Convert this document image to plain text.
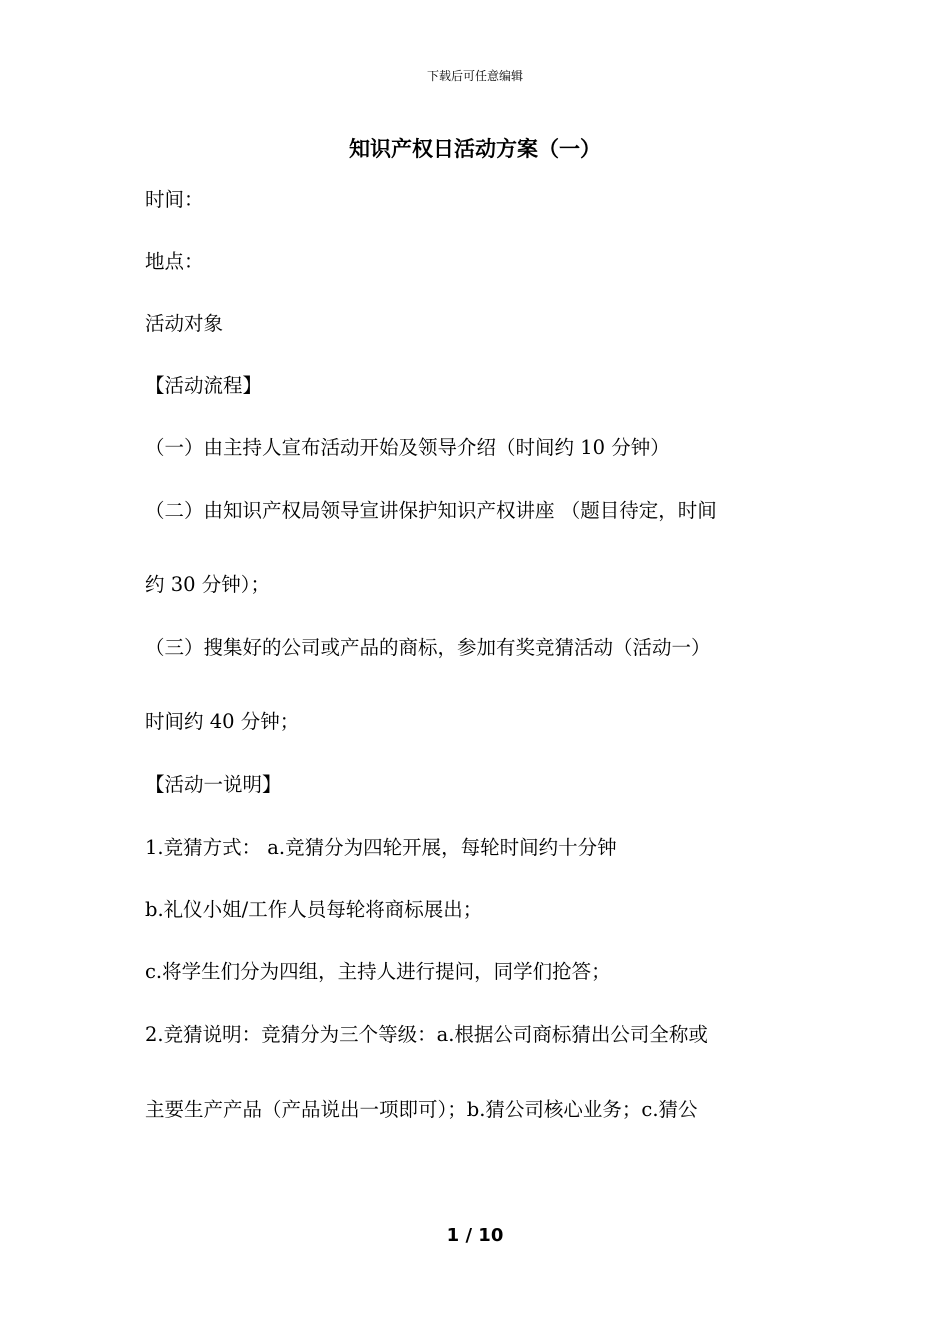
下载后可任意编辑
知识产权日活动方案（一）
时间：
地点：
活动对象
【活动流程】
（一）由主持人宣布活动开始及领导介绍（时间约 10 分钟）
（二）由知识产权局领导宣讲保护知识产权讲座 （题目待定，时间
约 30 分钟）；
（三）搜集好的公司或产品的商标，参加有奖竞猜活动（活动一）
时间约 40 分钟；
【活动一说明】
1.竞猜方式： a.竞猜分为四轮开展，每轮时间约十分钟
b.礼仪小姐/工作人员每轮将商标展出；
c.将学生们分为四组，主持人进行提问，同学们抢答；
2.竞猜说明：竞猜分为三个等级：a.根据公司商标猜出公司全称或
主要生产产品（产品说出一项即可）；b.猜公司核心业务；c.猜公
1 / 10
